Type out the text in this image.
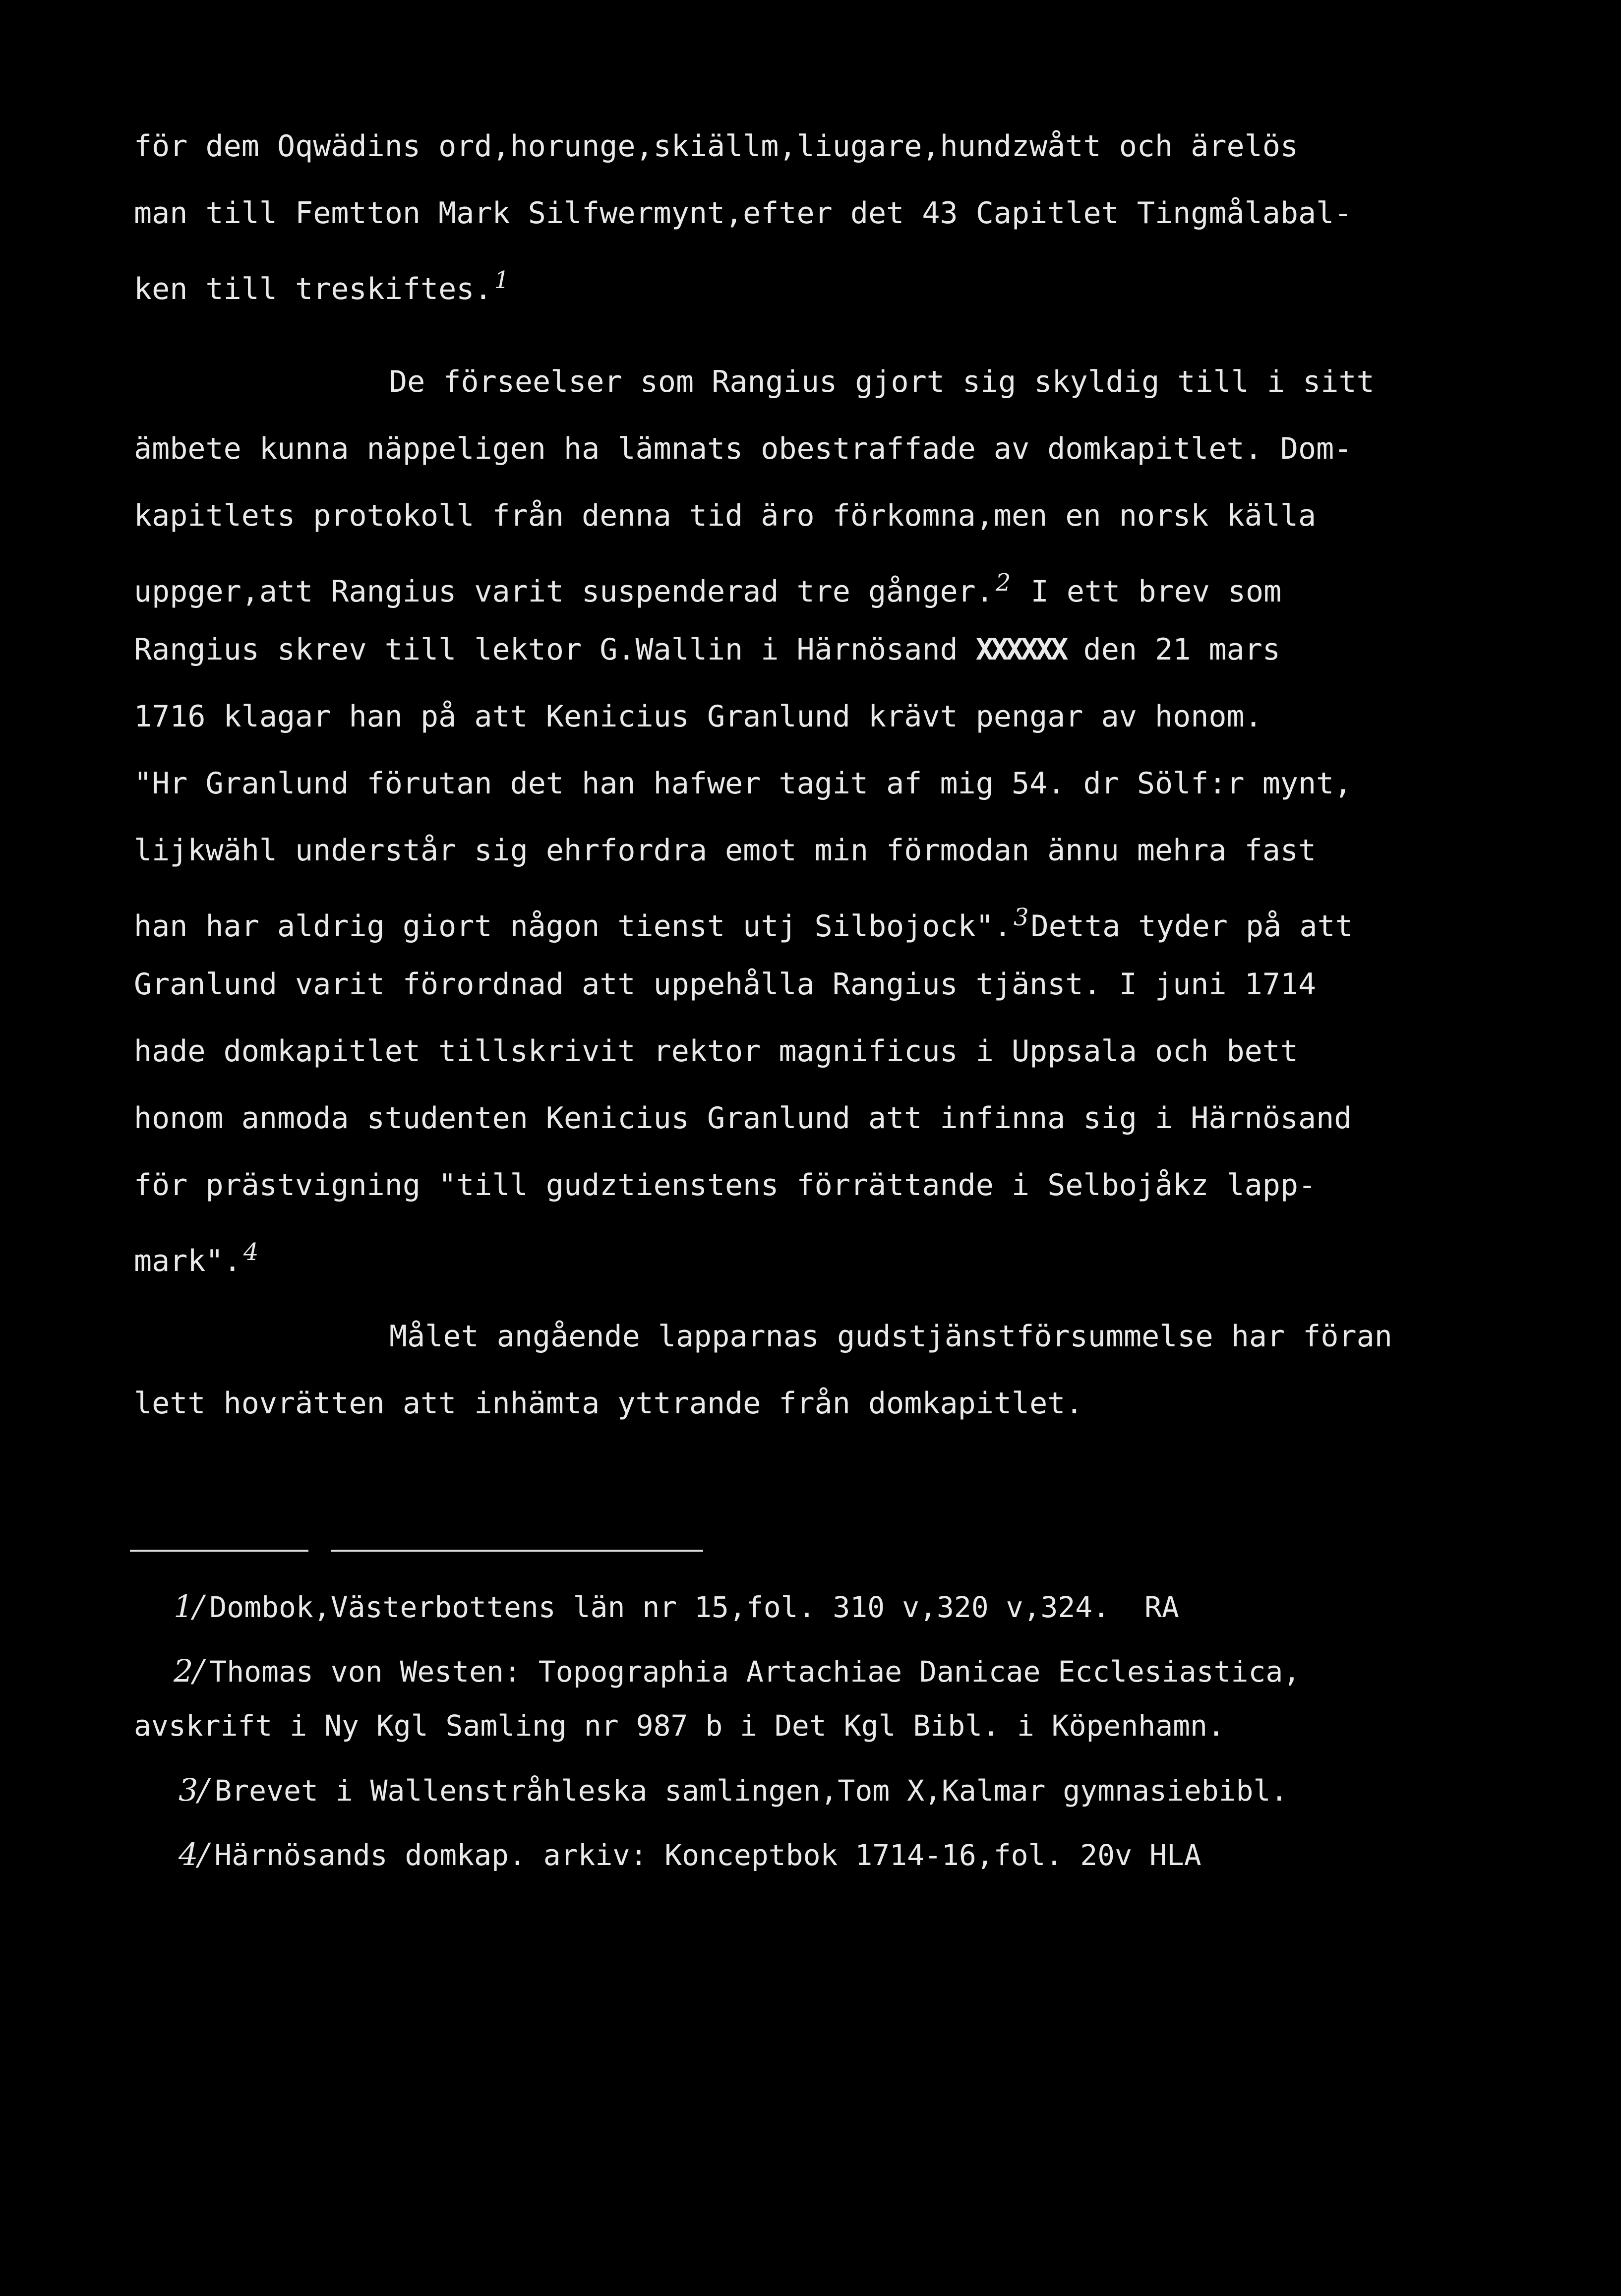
för dem Oqwädins ord,horunge,skiällm,liugare,hundzwått och ärelös
man till Femtton Mark Silfwermynt,efter det 43 Capitlet Tingmålabal-
ken till treskiftes.$^1$
De förseelser som Rangius gjort sig skyldig till i sitt
ämbete kunna näppeligen ha lämnats obestraffade av domkapitlet. Dom-
kapitlets protokoll från denna tid äro förkomna,men en norsk källa
uppger,att Rangius varit suspenderad tre gånger.$^2$ I ett brev som
Rangius skrev till lektor G.Wallin i Härnösand XXXXXX den 21 mars
1716 klagar han på att Kenicius Granlund krävt pengar av honom.
"Hr Granlund förutan det han hafwer tagit af mig 54. dr Sölf:r mynt,
lijkwähl understår sig ehrfordra emot min förmodan ännu mehra fast
han har aldrig giort någon tienst utj Silbojock".$^3$Detta tyder på att
Granlund varit förordnad att uppehålla Rangius tjänst. I juni 1714
hade domkapitlet tillskrivit rektor magnificus i Uppsala och bett
honom anmoda studenten Kenicius Granlund att infinna sig i Härnösand
för prästvigning "till gudztienstens förrättande i Selbojåkz lapp-
mark".$^4$
Målet angående lapparnas gudstjänstförsummelse har föran
lett hovrätten att inhämta yttrande från domkapitlet.
1/ Dombok,Västerbottens län nr 15,fol. 310 v,320 v,324.  RA
2/ Thomas von Westen: Topographia Artachiae Danicae Ecclesiastica,
avskrift i Ny Kgl Samling nr 987 b i Det Kgl Bibl. i Köpenhamn.
3/ Brevet i Wallenstråhleska samlingen,Tom X,Kalmar gymnasiebibl.
4/ Härnösands domkap. arkiv: Konceptbok 1714-16,fol. 20v HLA
